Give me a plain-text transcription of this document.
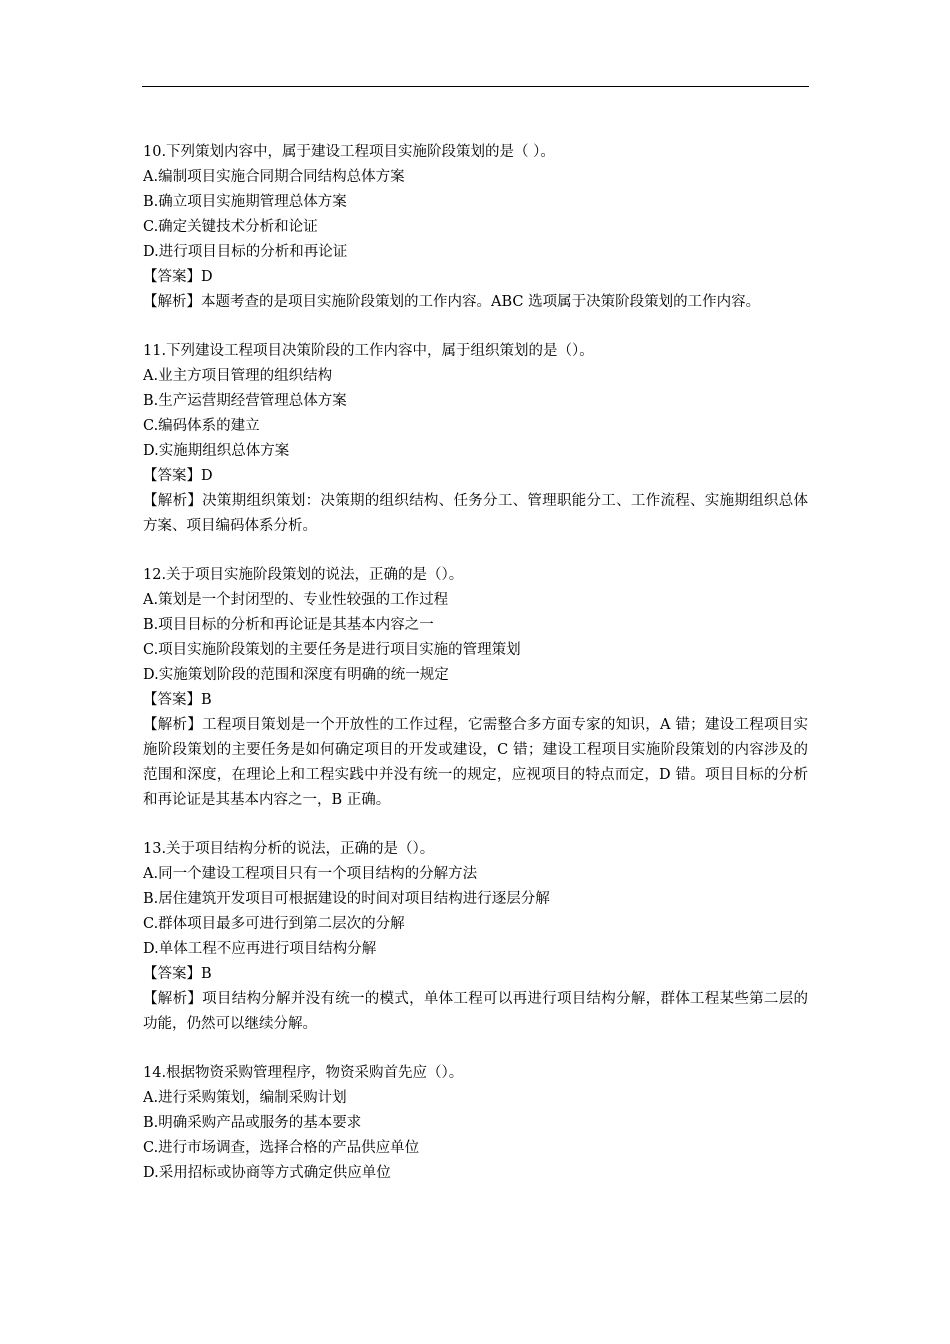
10.下列策划内容中，属于建设工程项目实施阶段策划的是（ ）。
A.编制项目实施合同期合同结构总体方案
B.确立项目实施期管理总体方案
C.确定关键技术分析和论证
D.进行项目目标的分析和再论证
【答案】D
【解析】本题考查的是项目实施阶段策划的工作内容。ABC 选项属于决策阶段策划的工作内容。
11.下列建设工程项目决策阶段的工作内容中，属于组织策划的是（）。
A.业主方项目管理的组织结构
B.生产运营期经营管理总体方案
C.编码体系的建立
D.实施期组织总体方案
【答案】D
【解析】决策期组织策划：决策期的组织结构、任务分工、管理职能分工、工作流程、实施期组织总体方案、项目编码体系分析。
12.关于项目实施阶段策划的说法，正确的是（）。
A.策划是一个封闭型的、专业性较强的工作过程
B.项目目标的分析和再论证是其基本内容之一
C.项目实施阶段策划的主要任务是进行项目实施的管理策划
D.实施策划阶段的范围和深度有明确的统一规定
【答案】B
【解析】工程项目策划是一个开放性的工作过程，它需整合多方面专家的知识，A 错；建设工程项目实施阶段策划的主要任务是如何确定项目的开发或建设，C 错；建设工程项目实施阶段策划的内容涉及的范围和深度，在理论上和工程实践中并没有统一的规定，应视项目的特点而定，D 错。项目目标的分析和再论证是其基本内容之一，B 正确。
13.关于项目结构分析的说法，正确的是（）。
A.同一个建设工程项目只有一个项目结构的分解方法
B.居住建筑开发项目可根据建设的时间对项目结构进行逐层分解
C.群体项目最多可进行到第二层次的分解
D.单体工程不应再进行项目结构分解
【答案】B
【解析】项目结构分解并没有统一的模式，单体工程可以再进行项目结构分解，群体工程某些第二层的功能，仍然可以继续分解。
14.根据物资采购管理程序，物资采购首先应（）。
A.进行采购策划，编制采购计划
B.明确采购产品或服务的基本要求
C.进行市场调查，选择合格的产品供应单位
D.采用招标或协商等方式确定供应单位
